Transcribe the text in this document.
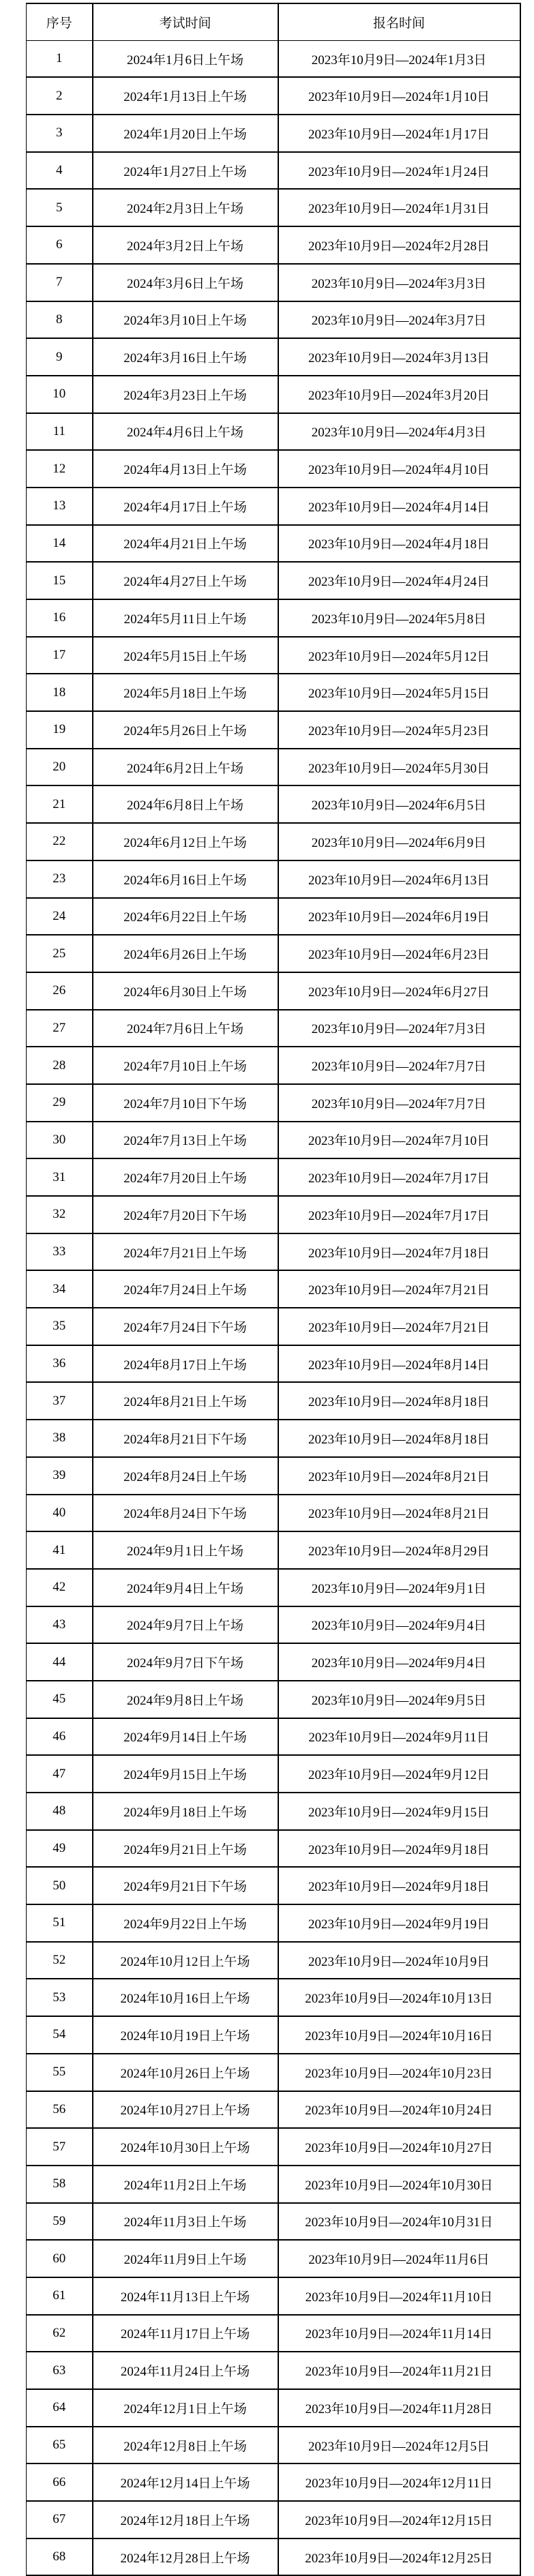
序号	考试时间	报名时间
1	2024年1月6日上午场	2023年10月9日—2024年1月3日
2	2024年1月13日上午场	2023年10月9日—2024年1月10日
3	2024年1月20日上午场	2023年10月9日—2024年1月17日
4	2024年1月27日上午场	2023年10月9日—2024年1月24日
5	2024年2月3日上午场	2023年10月9日—2024年1月31日
6	2024年3月2日上午场	2023年10月9日—2024年2月28日
7	2024年3月6日上午场	2023年10月9日—2024年3月3日
8	2024年3月10日上午场	2023年10月9日—2024年3月7日
9	2024年3月16日上午场	2023年10月9日—2024年3月13日
10	2024年3月23日上午场	2023年10月9日—2024年3月20日
11	2024年4月6日上午场	2023年10月9日—2024年4月3日
12	2024年4月13日上午场	2023年10月9日—2024年4月10日
13	2024年4月17日上午场	2023年10月9日—2024年4月14日
14	2024年4月21日上午场	2023年10月9日—2024年4月18日
15	2024年4月27日上午场	2023年10月9日—2024年4月24日
16	2024年5月11日上午场	2023年10月9日—2024年5月8日
17	2024年5月15日上午场	2023年10月9日—2024年5月12日
18	2024年5月18日上午场	2023年10月9日—2024年5月15日
19	2024年5月26日上午场	2023年10月9日—2024年5月23日
20	2024年6月2日上午场	2023年10月9日—2024年5月30日
21	2024年6月8日上午场	2023年10月9日—2024年6月5日
22	2024年6月12日上午场	2023年10月9日—2024年6月9日
23	2024年6月16日上午场	2023年10月9日—2024年6月13日
24	2024年6月22日上午场	2023年10月9日—2024年6月19日
25	2024年6月26日上午场	2023年10月9日—2024年6月23日
26	2024年6月30日上午场	2023年10月9日—2024年6月27日
27	2024年7月6日上午场	2023年10月9日—2024年7月3日
28	2024年7月10日上午场	2023年10月9日—2024年7月7日
29	2024年7月10日下午场	2023年10月9日—2024年7月7日
30	2024年7月13日上午场	2023年10月9日—2024年7月10日
31	2024年7月20日上午场	2023年10月9日—2024年7月17日
32	2024年7月20日下午场	2023年10月9日—2024年7月17日
33	2024年7月21日上午场	2023年10月9日—2024年7月18日
34	2024年7月24日上午场	2023年10月9日—2024年7月21日
35	2024年7月24日下午场	2023年10月9日—2024年7月21日
36	2024年8月17日上午场	2023年10月9日—2024年8月14日
37	2024年8月21日上午场	2023年10月9日—2024年8月18日
38	2024年8月21日下午场	2023年10月9日—2024年8月18日
39	2024年8月24日上午场	2023年10月9日—2024年8月21日
40	2024年8月24日下午场	2023年10月9日—2024年8月21日
41	2024年9月1日上午场	2023年10月9日—2024年8月29日
42	2024年9月4日上午场	2023年10月9日—2024年9月1日
43	2024年9月7日上午场	2023年10月9日—2024年9月4日
44	2024年9月7日下午场	2023年10月9日—2024年9月4日
45	2024年9月8日上午场	2023年10月9日—2024年9月5日
46	2024年9月14日上午场	2023年10月9日—2024年9月11日
47	2024年9月15日上午场	2023年10月9日—2024年9月12日
48	2024年9月18日上午场	2023年10月9日—2024年9月15日
49	2024年9月21日上午场	2023年10月9日—2024年9月18日
50	2024年9月21日下午场	2023年10月9日—2024年9月18日
51	2024年9月22日上午场	2023年10月9日—2024年9月19日
52	2024年10月12日上午场	2023年10月9日—2024年10月9日
53	2024年10月16日上午场	2023年10月9日—2024年10月13日
54	2024年10月19日上午场	2023年10月9日—2024年10月16日
55	2024年10月26日上午场	2023年10月9日—2024年10月23日
56	2024年10月27日上午场	2023年10月9日—2024年10月24日
57	2024年10月30日上午场	2023年10月9日—2024年10月27日
58	2024年11月2日上午场	2023年10月9日—2024年10月30日
59	2024年11月3日上午场	2023年10月9日—2024年10月31日
60	2024年11月9日上午场	2023年10月9日—2024年11月6日
61	2024年11月13日上午场	2023年10月9日—2024年11月10日
62	2024年11月17日上午场	2023年10月9日—2024年11月14日
63	2024年11月24日上午场	2023年10月9日—2024年11月21日
64	2024年12月1日上午场	2023年10月9日—2024年11月28日
65	2024年12月8日上午场	2023年10月9日—2024年12月5日
66	2024年12月14日上午场	2023年10月9日—2024年12月11日
67	2024年12月18日上午场	2023年10月9日—2024年12月15日
68	2024年12月28日上午场	2023年10月9日—2024年12月25日
